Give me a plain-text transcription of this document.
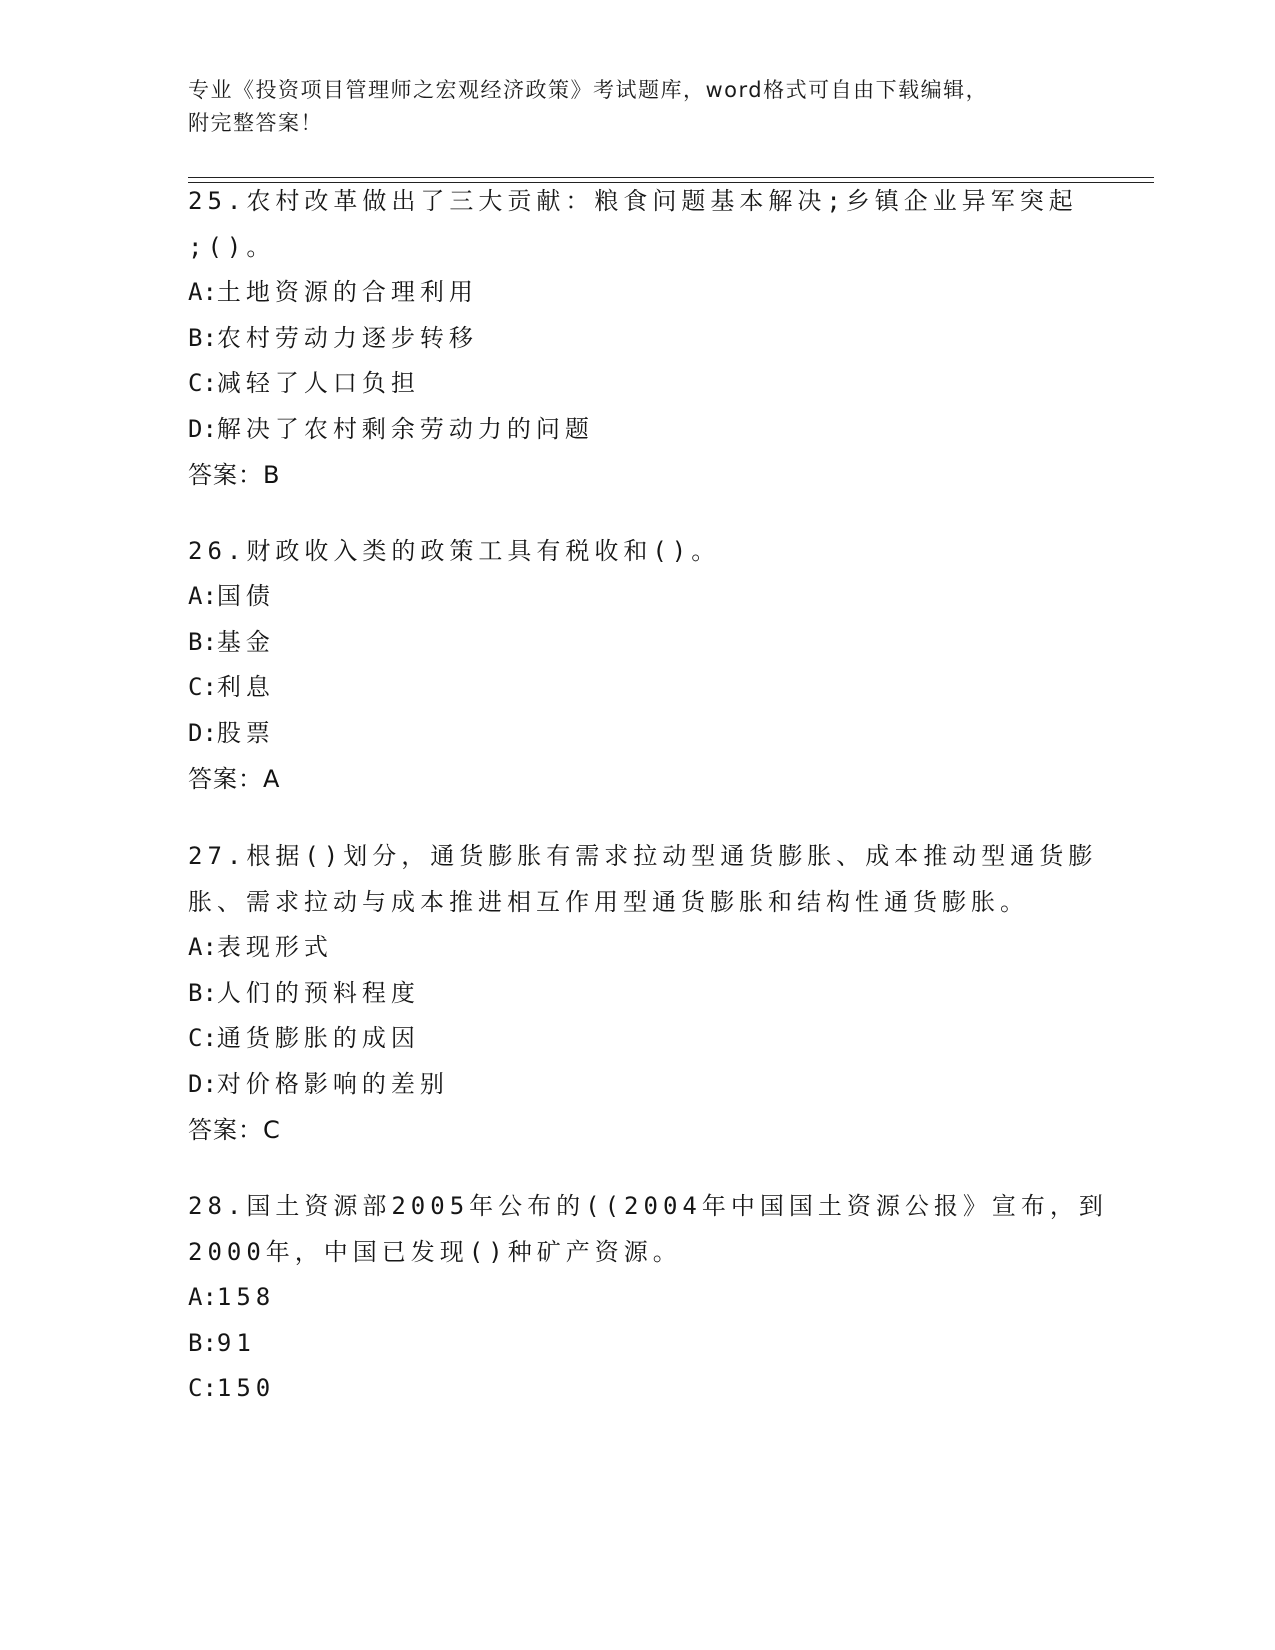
专业《投资项目管理师之宏观经济政策》考试题库，word格式可自由下载编辑，
附完整答案！
25.农村改革做出了三大贡献：粮食问题基本解决;乡镇企业异军突起
;()。
A:土地资源的合理利用
B:农村劳动力逐步转移
C:减轻了人口负担
D:解决了农村剩余劳动力的问题
答案：B
26.财政收入类的政策工具有税收和()。
A:国债
B:基金
C:利息
D:股票
答案：A
27.根据()划分，通货膨胀有需求拉动型通货膨胀、成本推动型通货膨
胀、需求拉动与成本推进相互作用型通货膨胀和结构性通货膨胀。
A:表现形式
B:人们的预料程度
C:通货膨胀的成因
D:对价格影响的差别
答案：C
28.国土资源部2005年公布的((2004年中国国土资源公报》宣布，到
2000年，中国已发现()种矿产资源。
A:158
B:91
C:150
